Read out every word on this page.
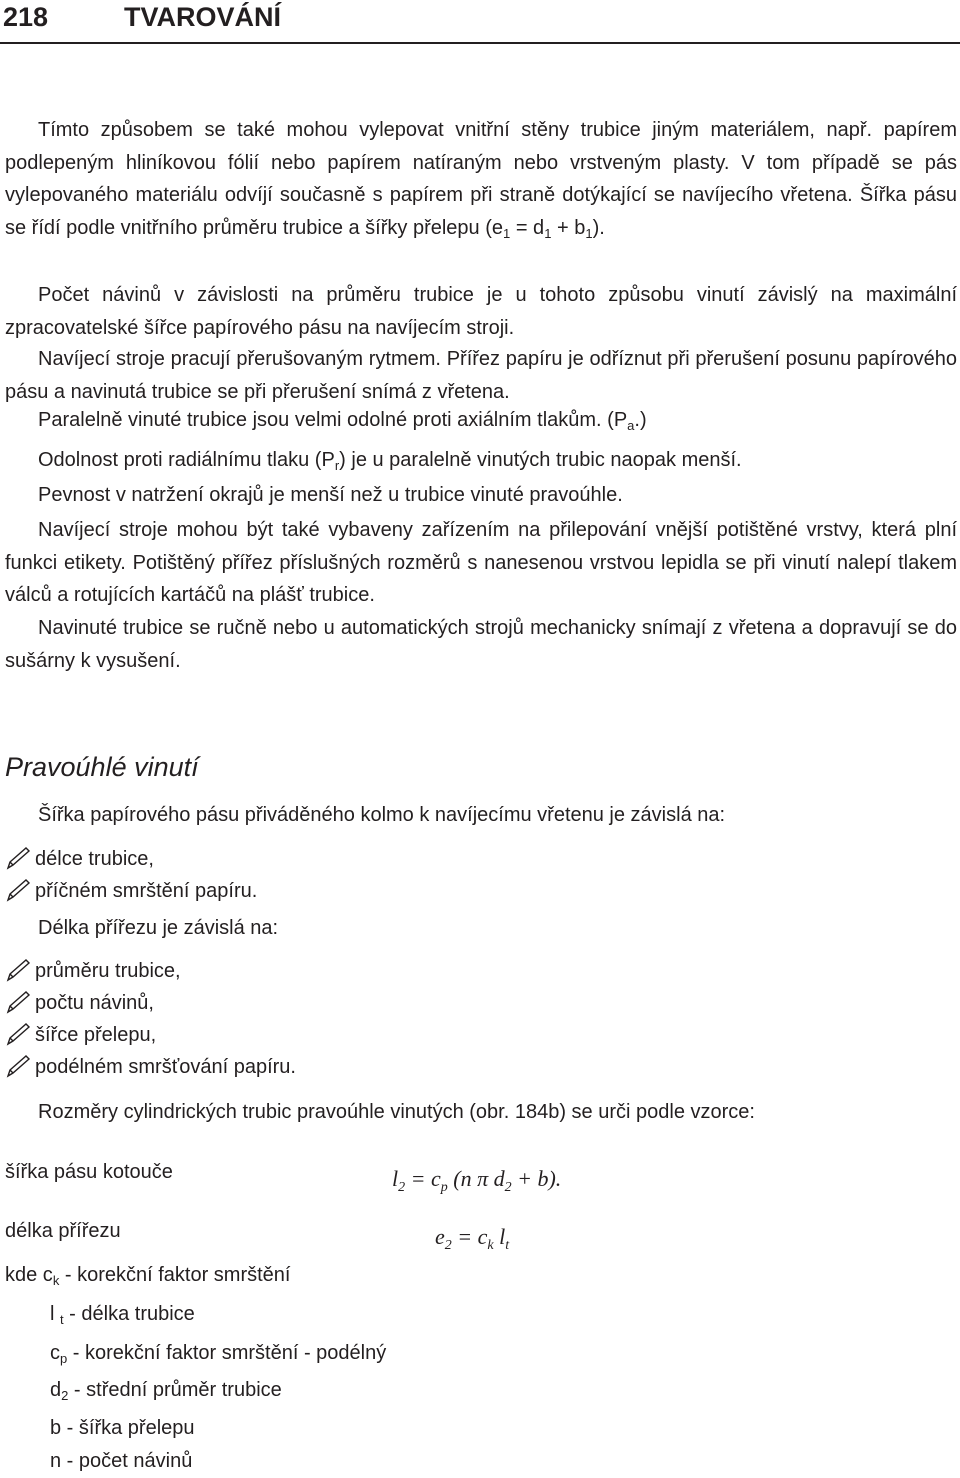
218	TVAROVÁNÍ

Tímto způsobem se také mohou vylepovat vnitřní stěny trubice jiným materiálem, např. papírem podlepeným hliníkovou fólií nebo papírem natíraným nebo vrstveným plasty. V tom případě se pás vylepovaného materiálu odvíjí současně s papírem při straně dotýkající se navíjecího vřetena. Šířka pásu se řídí podle vnitřního průměru trubice a šířky přelepu $(e_1 = d_1 + b_1)$.

Počet návinů v závislosti na průměru trubice je u tohoto způsobu vinutí závislý na maximální zpracovatelské šířce papírového pásu na navíjecím stroji.

Navíjecí stroje pracují přerušovaným rytmem. Přířez papíru je odříznut při přerušení posunu papírového pásu a navinutá trubice se při přerušení snímá z vřetena.

Paralelně vinuté trubice jsou velmi odolné proti axiálním tlakům. $(P_a.)$

Odolnost proti radiálnímu tlaku $(P_r)$ je u paralelně vinutých trubic naopak menší.

Pevnost v natržení okrajů je menší než u trubice vinuté pravoúhle.

Navíjecí stroje mohou být také vybaveny zařízením na přilepování vnější potištěné vrstvy, která plní funkci etikety. Potištěný přířez příslušných rozměrů s nanesenou vrstvou lepidla se při vinutí nalepí tlakem válců a rotujících kartáčů na plášť trubice.

Navinuté trubice se ručně nebo u automatických strojů mechanicky snímají z vřetena a dopravují se do sušárny k vysušení.

Pravoúhlé vinutí

Šířka papírového pásu přiváděného kolmo k navíjecímu vřetenu je závislá na:

délce trubice,
příčném smrštění papíru.

Délka přířezu je závislá na:

průměru trubice,
počtu návinů,
šířce přelepu,
podélném smršťování papíru.

Rozměry cylindrických trubic pravoúhle vinutých (obr. 184b) se urči podle vzorce:

šířka pásu kotouče	$l_2 = c_p$ (n π $d_2 + b$).

délka přířezu	$e_2 = c_k$ $l_t$

kde $c_k$ - korekční faktor smrštění

l $_t$ - délka trubice

$c_p$ - korekční faktor smrštění - podélný

$d_2$ - střední průměr trubice

b - šířka přelepu

n - počet návinů
